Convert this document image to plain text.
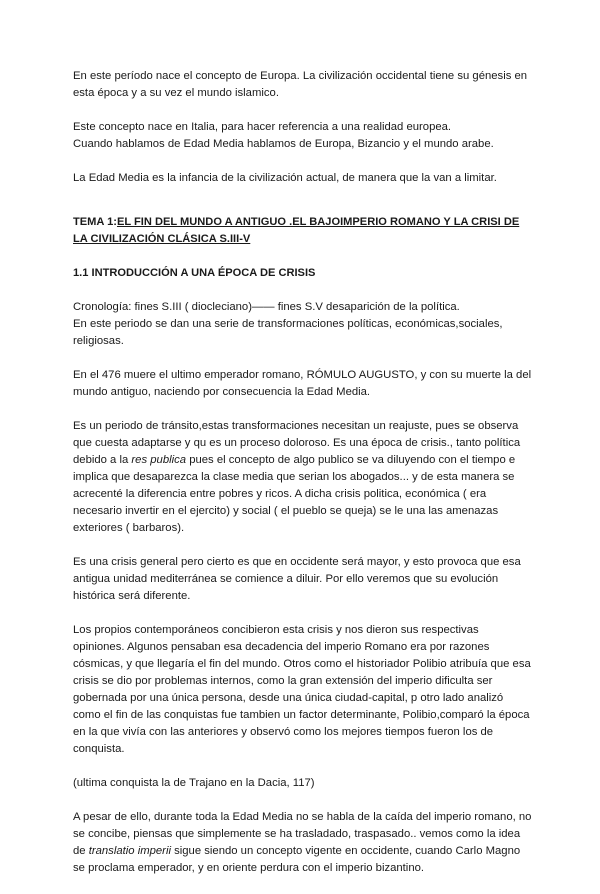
En este período nace el concepto de Europa. La civilización occidental tiene su génesis en esta época y a su vez el mundo islamico.

Este concepto nace en Italia, para hacer referencia a una realidad europea.

Cuando hablamos de Edad Media hablamos de Europa, Bizancio y el mundo arabe.

La Edad Media es la infancia de la civilización actual, de manera que la van a limitar.

TEMA 1:EL FIN DEL MUNDO A ANTIGUO .EL BAJOIMPERIO ROMANO Y LA CRISI DE LA CIVILIZACIÓN CLÁSICA S.III-V
1.1 INTRODUCCIÓN A UNA ÉPOCA DE CRISIS

Cronología: fines S.III ( diocleciano)—— fines S.V desaparición de la política.
En este periodo se dan una serie de transformaciones políticas, económicas,sociales, religiosas.

En el 476 muere el ultimo emperador romano, RÓMULO AUGUSTO, y con su muerte la del mundo antiguo, naciendo por consecuencia la Edad Media.

Es un periodo de tránsito,estas transformaciones necesitan un reajuste, pues se observa que cuesta adaptarse y qu es un proceso doloroso. Es una época de crisis., tanto política debido a la res publica pues el concepto de algo publico se va diluyendo con el tiempo e implica que desaparezca la clase media que serian los abogados... y de esta manera se acrecenté la diferencia entre pobres y ricos. A dicha crisis politica, económica ( era necesario invertir en el ejercito) y social ( el pueblo se queja) se le una las amenazas exteriores ( barbaros).

Es una crisis general pero cierto es que en occidente será mayor, y esto provoca que esa antigua unidad mediterránea se comience a diluir. Por ello veremos que su evolución histórica será diferente.

Los propios contemporáneos concibieron esta crisis y nos dieron sus respectivas opiniones. Algunos pensaban esa decadencia del imperio Romano era por razones cósmicas, y que llegaría el fin del mundo. Otros como el historiador Polibio atribuía que esa crisis se dio por problemas internos, como la gran extensión del imperio dificulta ser gobernada por una única persona, desde una única ciudad-capital, p otro lado analizó como el fin de las conquistas fue tambien un factor determinante, Polibio,comparó la época en la que vivía con las anteriores y observó como los mejores tiempos fueron los de conquista.

(ultima conquista la de Trajano en la Dacia, 117)

A pesar de ello, durante toda la Edad Media no se habla de la caída del imperio romano, no se concibe, piensas que simplemente se ha trasladado, traspasado.. vemos como la idea de translatio imperii sigue siendo un concepto vigente en occidente, cuando Carlo Magno se proclama emperador, y en oriente perdura con el imperio bizantino.
